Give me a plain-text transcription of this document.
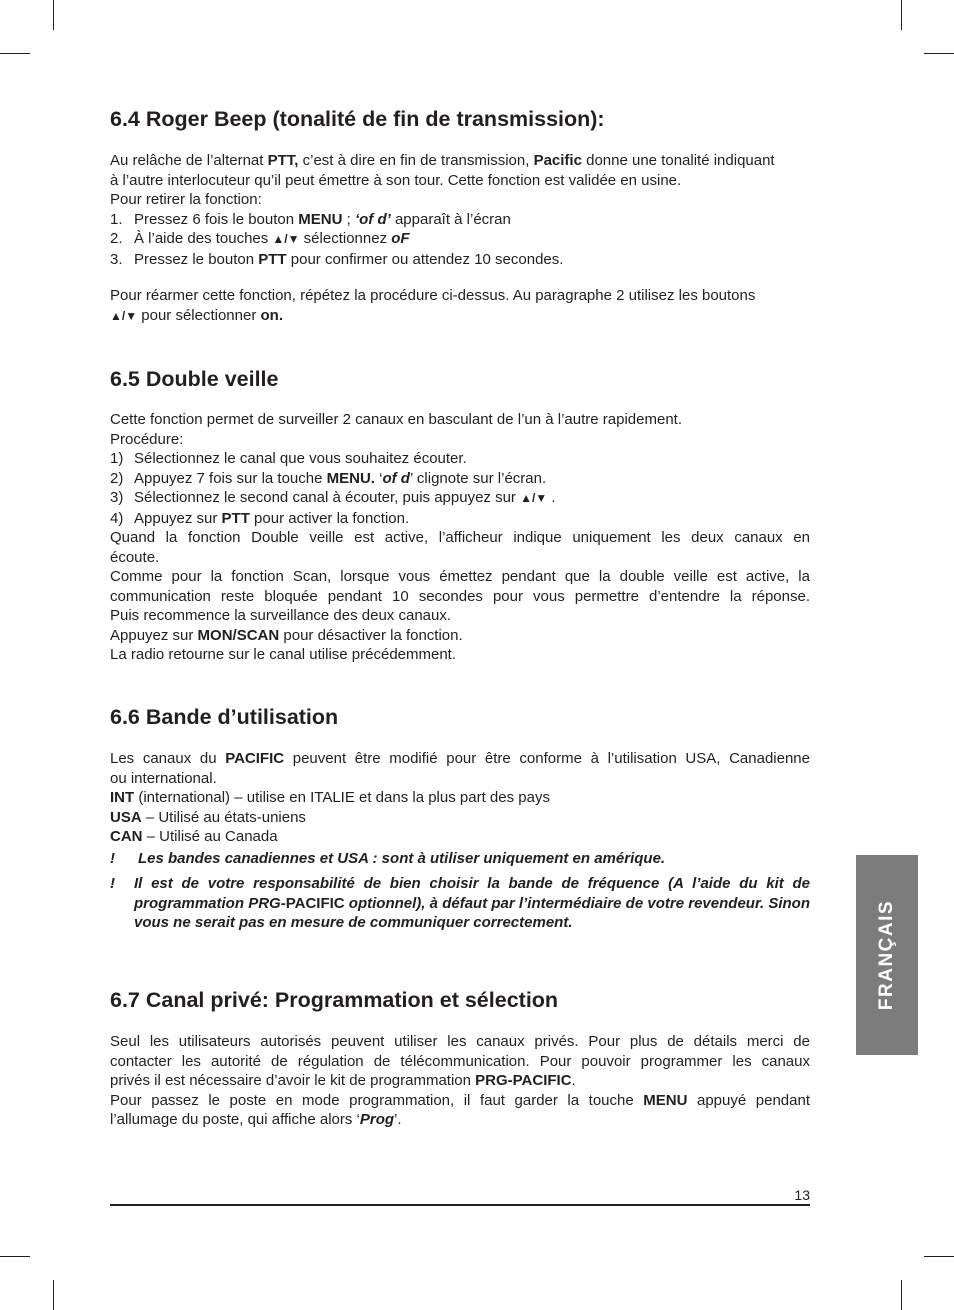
6.4 Roger Beep (tonalité de fin de transmission):
Au relâche de l’alternat PTT, c’est à dire en fin de transmission, Pacific donne une tonalité indiquant
à l’autre interlocuteur qu’il peut émettre à son tour. Cette fonction est validée en usine.
Pour retirer la fonction:
1. Pressez 6 fois le bouton MENU ; ‘of d’ apparaît à l’écran
2. À l’aide des touches ▲/▼ sélectionnez oF
3. Pressez le bouton PTT pour confirmer ou attendez 10 secondes.
Pour réarmer cette fonction, répétez la procédure ci-dessus. Au paragraphe 2 utilisez les boutons
▲/▼ pour sélectionner on.
6.5 Double veille
Cette fonction permet de surveiller 2 canaux en basculant de l’un à l’autre rapidement.
Procédure:
1) Sélectionnez le canal que vous souhaitez écouter.
2) Appuyez 7 fois sur la touche MENU. ‘of d’ clignote sur l’écran.
3) Sélectionnez le second canal à écouter, puis appuyez sur ▲/▼ .
4) Appuyez sur PTT pour activer la fonction.
Quand la fonction Double veille est active, l’afficheur indique uniquement les deux canaux en
écoute.
Comme pour la fonction Scan, lorsque vous émettez pendant que la double veille est active, la
communication reste bloquée pendant 10 secondes pour vous permettre d’entendre la réponse.
Puis recommence la surveillance des deux canaux.
Appuyez sur MON/SCAN pour désactiver la fonction.
La radio retourne sur le canal utilise précédemment.
6.6 Bande d’utilisation
Les canaux du PACIFIC peuvent être modifié pour être conforme à l’utilisation USA, Canadienne
ou international.
INT (international) – utilise en ITALIE et dans la plus part des pays
USA – Utilisé au états-uniens
CAN – Utilisé au Canada
! Les bandes canadiennes et USA : sont à utiliser uniquement en amérique.
! Il est de votre responsabilité de bien choisir la bande de fréquence (A l’aide du kit de programmation PRG-PACIFIC optionnel), à défaut par l’intermédiaire de votre revendeur. Sinon vous ne serait pas en mesure de communiquer correctement.
6.7 Canal privé: Programmation et sélection
Seul les utilisateurs autorisés peuvent utiliser les canaux privés. Pour plus de détails merci de
contacter les autorité de régulation de télécommunication. Pour pouvoir programmer les canaux
privés il est nécessaire d’avoir le kit de programmation PRG-PACIFIC.
Pour passez le poste en mode programmation, il faut garder la touche MENU appuyé pendant
l’allumage du poste, qui affiche alors ‘Prog’.
FRANÇAIS
13
